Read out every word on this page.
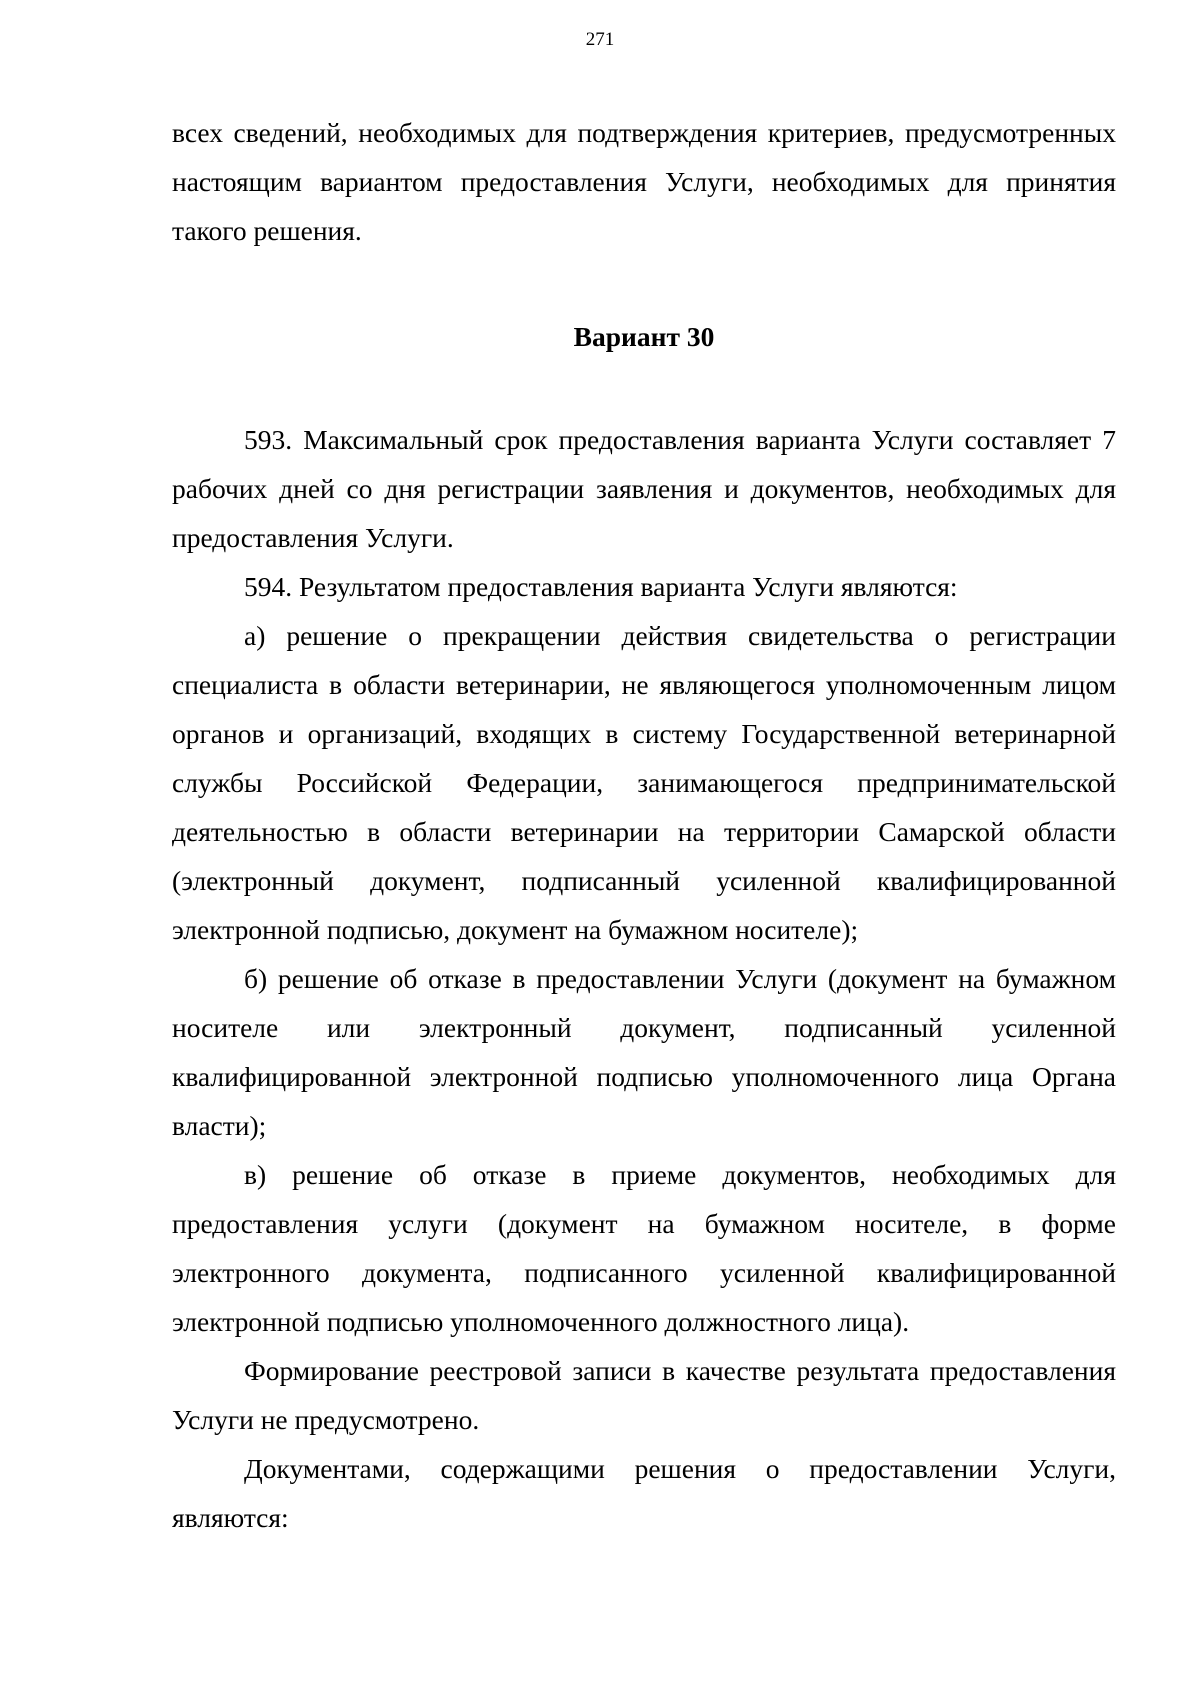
271

всех сведений, необходимых для подтверждения критериев, предусмотренных настоящим вариантом предоставления Услуги, необходимых для принятия такого решения.

Вариант 30

593. Максимальный срок предоставления варианта Услуги составляет 7 рабочих дней со дня регистрации заявления и документов, необходимых для предоставления Услуги.

594. Результатом предоставления варианта Услуги являются:

а) решение о прекращении действия свидетельства о регистрации специалиста в области ветеринарии, не являющегося уполномоченным лицом органов и организаций, входящих в систему Государственной ветеринарной службы Российской Федерации, занимающегося предпринимательской деятельностью в области ветеринарии на территории Самарской области (электронный документ, подписанный усиленной квалифицированной электронной подписью, документ на бумажном носителе);

б) решение об отказе в предоставлении Услуги (документ на бумажном носителе или электронный документ, подписанный усиленной квалифицированной электронной подписью уполномоченного лица Органа власти);

в) решение об отказе в приеме документов, необходимых для предоставления услуги (документ на бумажном носителе, в форме электронного документа, подписанного усиленной квалифицированной электронной подписью уполномоченного должностного лица).

Формирование реестровой записи в качестве результата предоставления Услуги не предусмотрено.

Документами, содержащими решения о предоставлении Услуги, являются:
